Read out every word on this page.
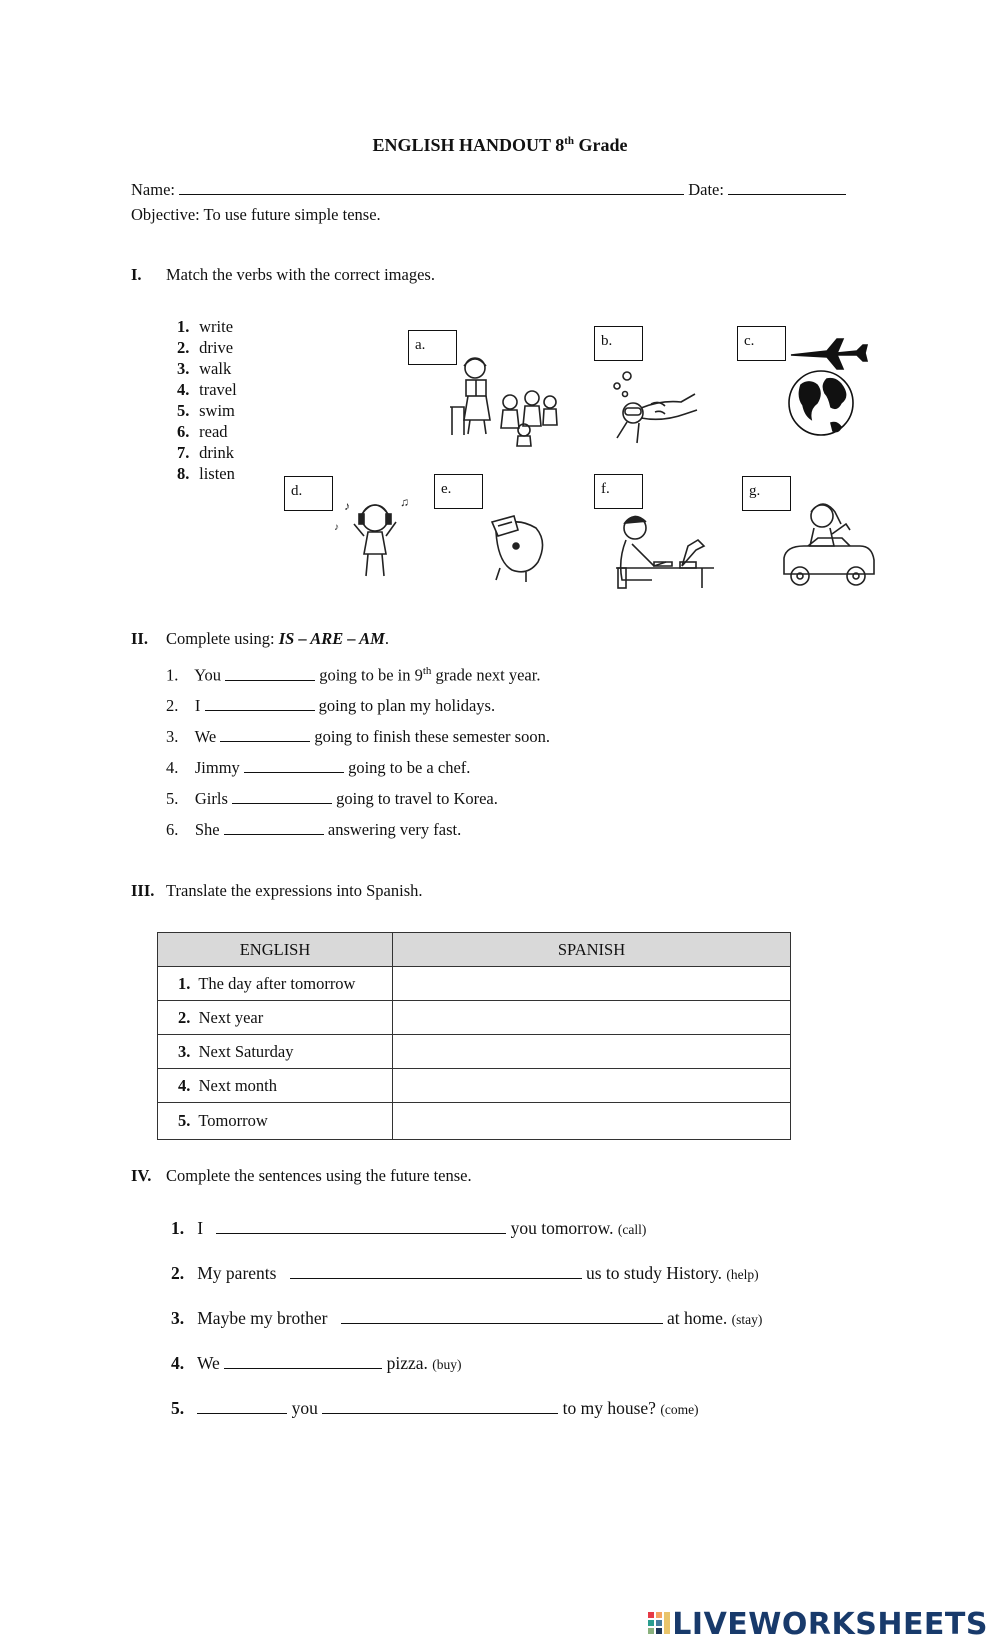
ENGLISH HANDOUT 8th Grade
Name:	Date:
Objective: To use future simple tense.
I. Match the verbs with the correct images.
1. write
2. drive
3. walk
4. travel
5. swim
6. read
7. drink
8. listen
a.	b.	c.
d.	e.	f.	g.
♪	♫
♪
II. Complete using: IS – ARE – AM.
1. You	going to be in 9th grade next year.
2. I	going to plan my holidays.
3. We	going to finish these semester soon.
4. Jimmy	going to be a chef.
5. Girls	going to travel to Korea.
6. She	answering very fast.
III. Translate the expressions into Spanish.
ENGLISH	SPANISH
1. The day after tomorrow	
2. Next year	
3. Next Saturday	
4. Next month	
5. Tomorrow	
IV. Complete the sentences using the future tense.
1. I	you tomorrow. (call)
2. My parents	us to study History. (help)
3. Maybe my brother	at home. (stay)
4. We	pizza. (buy)
5.	you	to my house? (come)
LIVEWORKSHEETS
